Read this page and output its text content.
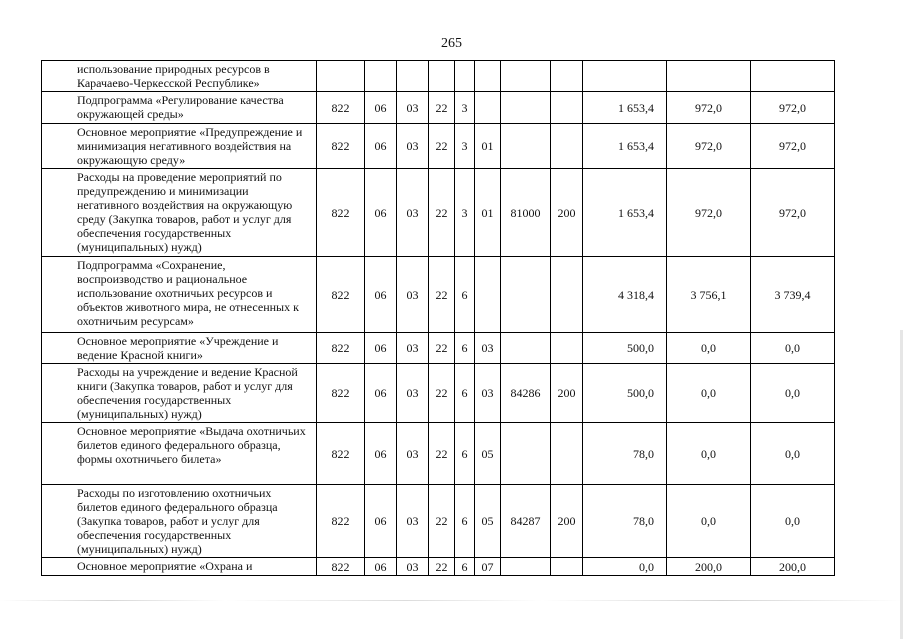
265
использование природных ресурсов в Карачаево-Черкесской Республике»											
Подпрограмма «Регулирование качества окружающей среды»	822	06	03	22	3				1 653,4	972,0	972,0
Основное мероприятие «Предупреждение и минимизация негативного воздействия на окружающую среду»	822	06	03	22	3	01			1 653,4	972,0	972,0
Расходы на проведение мероприятий по предупреждению и минимизации негативного воздействия на окружающую среду (Закупка товаров, работ и услуг для обеспечения государственных (муниципальных) нужд)	822	06	03	22	3	01	81000	200	1 653,4	972,0	972,0
Подпрограмма «Сохранение, воспроизводство и рациональное использование охотничьих ресурсов и объектов животного мира, не отнесенных к охотничьим ресурсам»	822	06	03	22	6				4 318,4	3 756,1	3 739,4
Основное мероприятие «Учреждение и ведение Красной книги»	822	06	03	22	6	03			500,0	0,0	0,0
Расходы на учреждение и ведение Красной книги (Закупка товаров, работ и услуг для обеспечения государственных (муниципальных) нужд)	822	06	03	22	6	03	84286	200	500,0	0,0	0,0
Основное мероприятие «Выдача охотничьих билетов единого федерального образца, формы охотничьего билета»	822	06	03	22	6	05			78,0	0,0	0,0
Расходы по изготовлению охотничьих билетов единого федерального образца (Закупка товаров, работ и услуг для обеспечения государственных (муниципальных) нужд)	822	06	03	22	6	05	84287	200	78,0	0,0	0,0
Основное мероприятие «Охрана и	822	06	03	22	6	07			0,0	200,0	200,0
